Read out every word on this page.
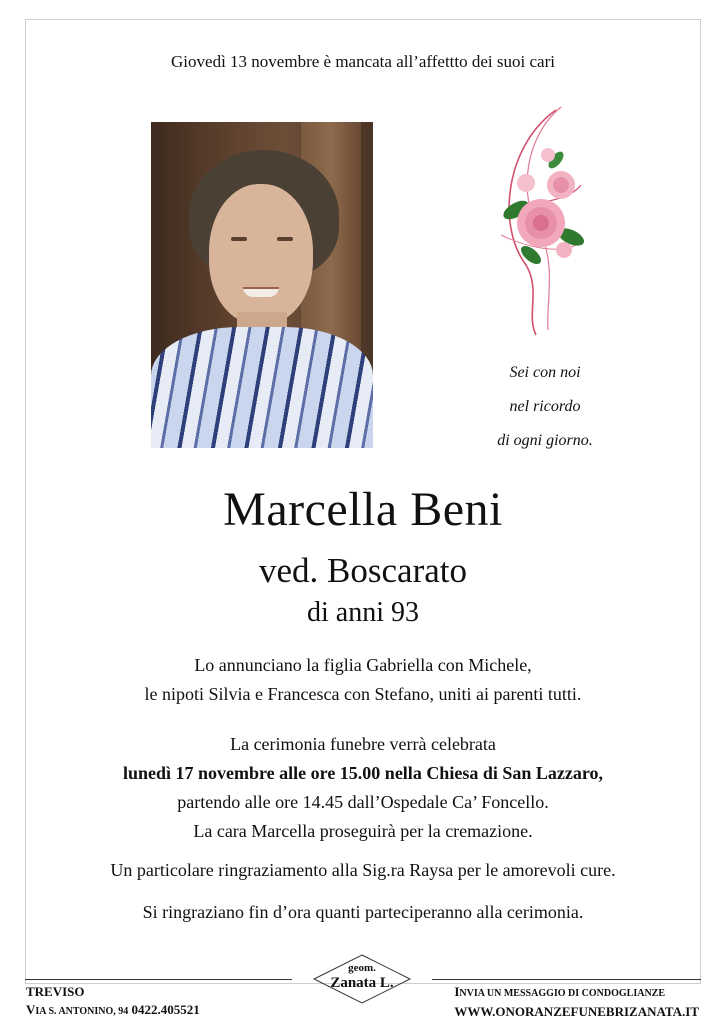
Giovedì 13 novembre è mancata all’affettto dei suoi cari
Sei con noi
nel ricordo
di ogni giorno.
Marcella Beni
ved. Boscarato
di anni 93
Lo annunciano la figlia Gabriella con Michele,
le nipoti Silvia e Francesca con Stefano, uniti ai parenti tutti.
La cerimonia funebre verrà celebrata
lunedì 17 novembre alle ore 15.00 nella Chiesa di San Lazzaro,
partendo alle ore 14.45 dall’Ospedale Ca’ Foncello.
La cara Marcella proseguirà per la cremazione.
Un particolare ringraziamento alla Sig.ra Raysa per le amorevoli cure.
Si ringraziano fin d’ora quanti parteciperanno alla cerimonia.
TREVISO
VIA S. ANTONINO, 94 0422.405521
geom.
Zanata L.
INVIA UN MESSAGGIO DI CONDOGLIANZE
WWW.ONORANZEFUNEBRIZANATA.IT
